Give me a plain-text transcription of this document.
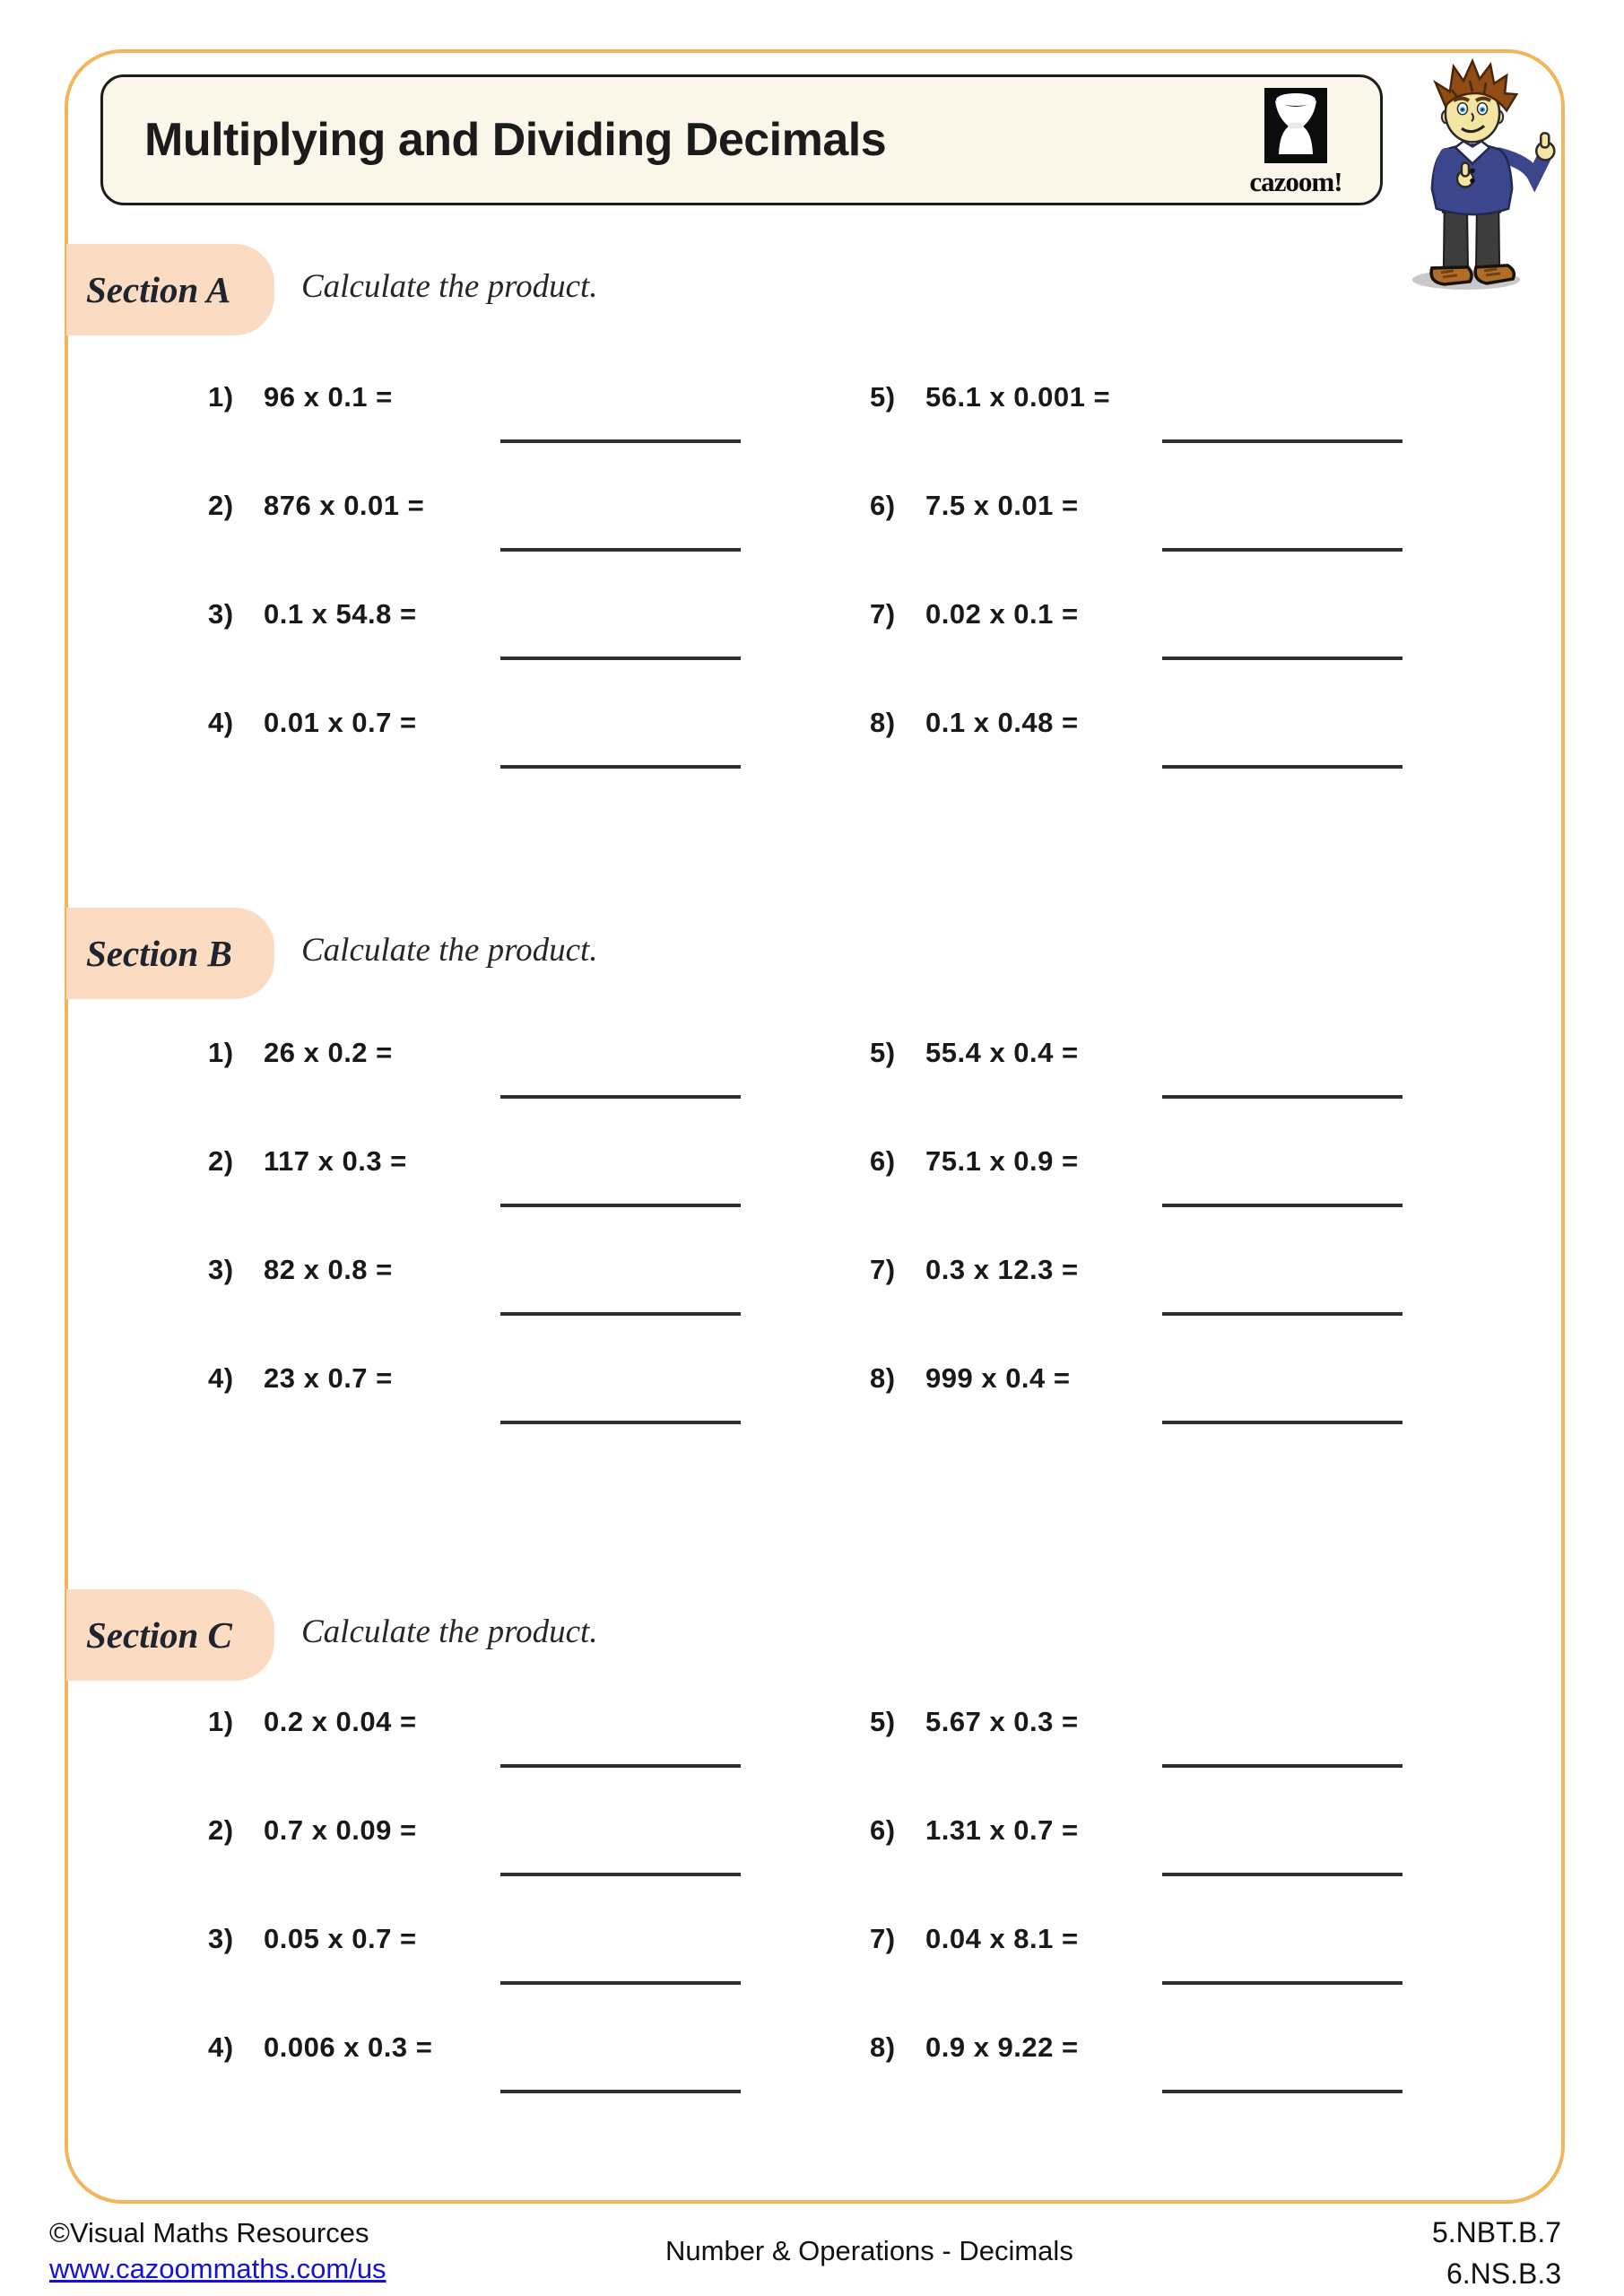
Multiplying and Dividing Decimals
cazoom!
Section A Calculate the product.
1)	96 x 0.1 =
2)	876 x 0.01 =
3)	0.1 x 54.8 =
4)	0.01 x 0.7 =
5)	56.1 x 0.001 =
6)	7.5 x 0.01 =
7)	0.02 x 0.1 =
8)	0.1 x 0.48 =
Section B Calculate the product.
1)	26 x 0.2 =
2)	117 x 0.3 =
3)	82 x 0.8 =
4)	23 x 0.7 =
5)	55.4 x 0.4 =
6)	75.1 x 0.9 =
7)	0.3 x 12.3 =
8)	999 x 0.4 =
Section C Calculate the product.
1)	0.2 x 0.04 =
2)	0.7 x 0.09 =
3)	0.05 x 0.7 =
4)	0.006 x 0.3 =
5)	5.67 x 0.3 =
6)	1.31 x 0.7 =
7)	0.04 x 8.1 =
8)	0.9 x 9.22 =
©Visual Maths Resources
www.cazoommaths.com/us
Number & Operations - Decimals
5.NBT.B.7
6.NS.B.3
